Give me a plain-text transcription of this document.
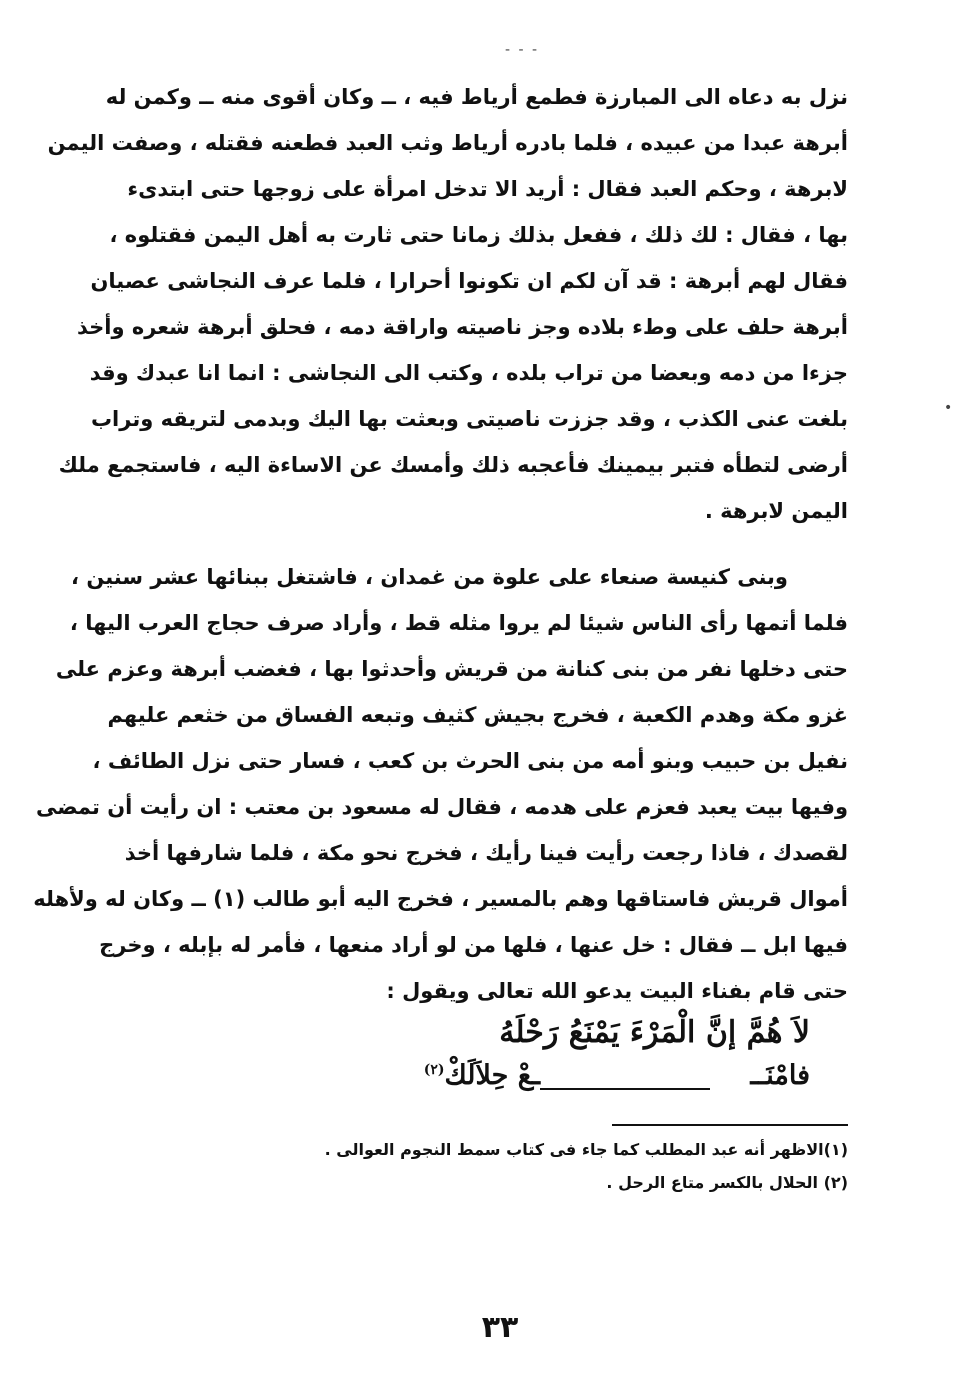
- - -
•
نزل به دعاه الى المبارزة فطمع أرياط فيه ، ــ وكان أقوى منه ــ وكمن له
أبرهة عبدا من عبيده ، فلما بادره أرياط وثب العبد فطعنه فقتله ، وصفت اليمن
لابرهة ، وحكم العبد فقال : أريد الا تدخل امرأة على زوجها حتى ابتدىء
بها ، فقال : لك ذلك ، ففعل بذلك زمانا حتى ثارت به أهل اليمن فقتلوه ،
فقال لهم أبرهة : قد آن لكم ان تكونوا أحرارا ، فلما عرف النجاشى عصيان
أبرهة حلف على وطء بلاده وجز ناصيته واراقة دمه ، فحلق أبرهة شعره وأخذ
جزءا من دمه وبعضا من تراب بلده ، وكتب الى النجاشى : انما انا عبدك وقد
بلغت عنى الكذب ، وقد جززت ناصيتى وبعثت بها اليك وبدمى لتريقه وتراب
أرضى لتطأه فتبر بيمينك فأعجبه ذلك وأمسك عن الاساءة اليه ، فاستجمع ملك
اليمن لابرهة .
وبنى كنيسة صنعاء على علوة من غمدان ، فاشتغل ببنائها عشر سنين ،
فلما أتمها رأى الناس شيئا لم يروا مثله قط ، وأراد صرف حجاج العرب اليها ،
حتى دخلها نفر من بنى كنانة من قريش وأحدثوا بها ، فغضب أبرهة وعزم على
غزو مكة وهدم الكعبة ، فخرج بجيش كثيف وتبعه الفساق من خثعم عليهم
نفيل بن حبيب وبنو أمه من بنى الحرث بن كعب ، فسار حتى نزل الطائف ،
وفيها بيت يعبد فعزم على هدمه ، فقال له مسعود بن معتب : ان رأيت أن تمضى
لقصدك ، فاذا رجعت رأيت فينا رأيك ، فخرج نحو مكة ، فلما شارفها أخذ
أموال قريش فاستاقها وهم بالمسير ، فخرج اليه أبو طالب (١) ــ وكان له ولأهله
فيها ابل ــ فقال : خل عنها ، فلها من لو أراد منعها ، فأمر له بإبله ، وخرج
حتى قام بفناء البيت يدعو الله تعالى ويقول :
لاَ هُمَّ إنَّ الْمَرْءَ يَمْنَعُ رَحْلَهُ
فامْنَــ
ـعْ حِلاَلَكْ$^{(٢)}$
(١)الاظهر أنه عبد المطلب كما جاء فى كتاب سمط النجوم العوالى .
(٢) الحلال بالكسر متاع الرحل .
٣٣
